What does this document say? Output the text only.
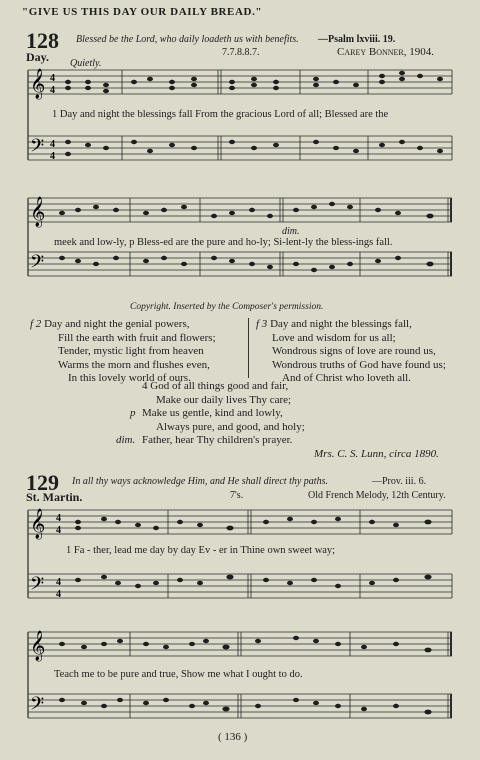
"GIVE US THIS DAY OUR DAILY BREAD."
128 Blessed be the Lord, who daily loadeth us with benefits. —Psalm lxviii. 19.
Day.	7.7.8.8.7.	Carey Bonner, 1904.
Quietly.
𝄞
𝄢
4
4
4
4
1 Day and night the blessings fall From the gracious Lord of all; Blessed are the
𝄞
𝄢
dim.
meek and low-ly, p Bless-ed are the pure and ho-ly; Si-lent-ly the bless-ings fall.
Copyright. Inserted by the Composer's permission.
f 2 Day and night the genial powers,
Fill the earth with fruit and flowers;
Tender, mystic light from heaven
Warms the morn and flushes even,
In this lovely world of ours.
f 3 Day and night the blessings fall,
Love and wisdom for us all;
Wondrous signs of love are round us,
Wondrous truths of God have found us;
And of Christ who loveth all.
4 God of all things good and fair,
Make our daily lives Thy care;
Make us gentle, kind and lowly,
Always pure, and good, and holy;
Father, hear Thy children's prayer.
p
dim.
Mrs. C. S. Lunn, circa 1890.
129 In all thy ways acknowledge Him, and He shall direct thy paths.	—Prov. iii. 6.
St. Martin.	7's.	Old French Melody, 12th Century.
𝄞
𝄢
4
4
4
4
1 Fa - ther, lead me day by day Ev - er in Thine own sweet way;
𝄞
𝄢
Teach me to be pure and true, Show me what I ought to do.
( 136 )
